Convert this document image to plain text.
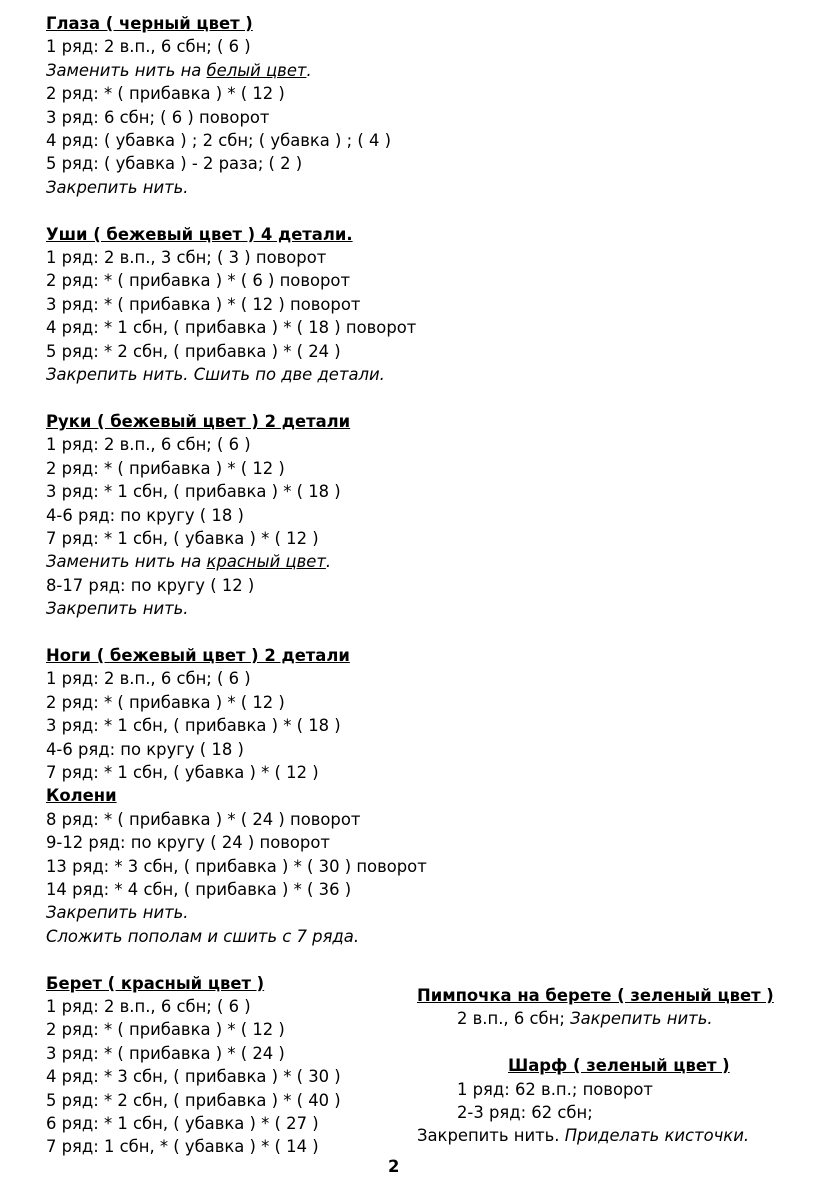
Глаза ( черный цвет )
1 ряд: 2 в.п., 6 сбн; ( 6 )
Заменить нить на белый цвет.
2 ряд: * ( прибавка ) * ( 12 )
3 ряд: 6 сбн; ( 6 ) поворот
4 ряд: ( убавка ) ; 2 сбн; ( убавка ) ; ( 4 )
5 ряд: ( убавка ) - 2 раза; ( 2 )
Закрепить нить.
Уши ( бежевый цвет ) 4 детали.
1 ряд: 2 в.п., 3 сбн; ( 3 ) поворот
2 ряд: * ( прибавка ) * ( 6 ) поворот
3 ряд: * ( прибавка ) * ( 12 ) поворот
4 ряд: * 1 сбн, ( прибавка ) * ( 18 ) поворот
5 ряд: * 2 сбн, ( прибавка ) * ( 24 )
Закрепить нить. Сшить по две детали.
Руки ( бежевый цвет ) 2 детали
1 ряд: 2 в.п., 6 сбн; ( 6 )
2 ряд: * ( прибавка ) * ( 12 )
3 ряд: * 1 сбн, ( прибавка ) * ( 18 )
4-6 ряд: по кругу ( 18 )
7 ряд: * 1 сбн, ( убавка ) * ( 12 )
Заменить нить на красный цвет.
8-17 ряд: по кругу ( 12 )
Закрепить нить.
Ноги ( бежевый цвет ) 2 детали
1 ряд: 2 в.п., 6 сбн; ( 6 )
2 ряд: * ( прибавка ) * ( 12 )
3 ряд: * 1 сбн, ( прибавка ) * ( 18 )
4-6 ряд: по кругу ( 18 )
7 ряд: * 1 сбн, ( убавка ) * ( 12 )
Колени
8 ряд: * ( прибавка ) * ( 24 ) поворот
9-12 ряд: по кругу ( 24 ) поворот
13 ряд: * 3 сбн, ( прибавка ) * ( 30 ) поворот
14 ряд: * 4 сбн, ( прибавка ) * ( 36 )
Закрепить нить.
Сложить пополам и сшить с 7 ряда.
Берет ( красный цвет )
1 ряд: 2 в.п., 6 сбн; ( 6 )
2 ряд: * ( прибавка ) * ( 12 )
3 ряд: * ( прибавка ) * ( 24 )
4 ряд: * 3 сбн, ( прибавка ) * ( 30 )
5 ряд: * 2 сбн, ( прибавка ) * ( 40 )
6 ряд: * 1 сбн, ( убавка ) * ( 27 )
7 ряд: 1 сбн, * ( убавка ) * ( 14 )
Пимпочка на берете ( зеленый цвет )
2 в.п., 6 сбн; Закрепить нить.
Шарф ( зеленый цвет )
1 ряд: 62 в.п.; поворот
2-3 ряд: 62 сбн;
Закрепить нить. Приделать кисточки.
2
